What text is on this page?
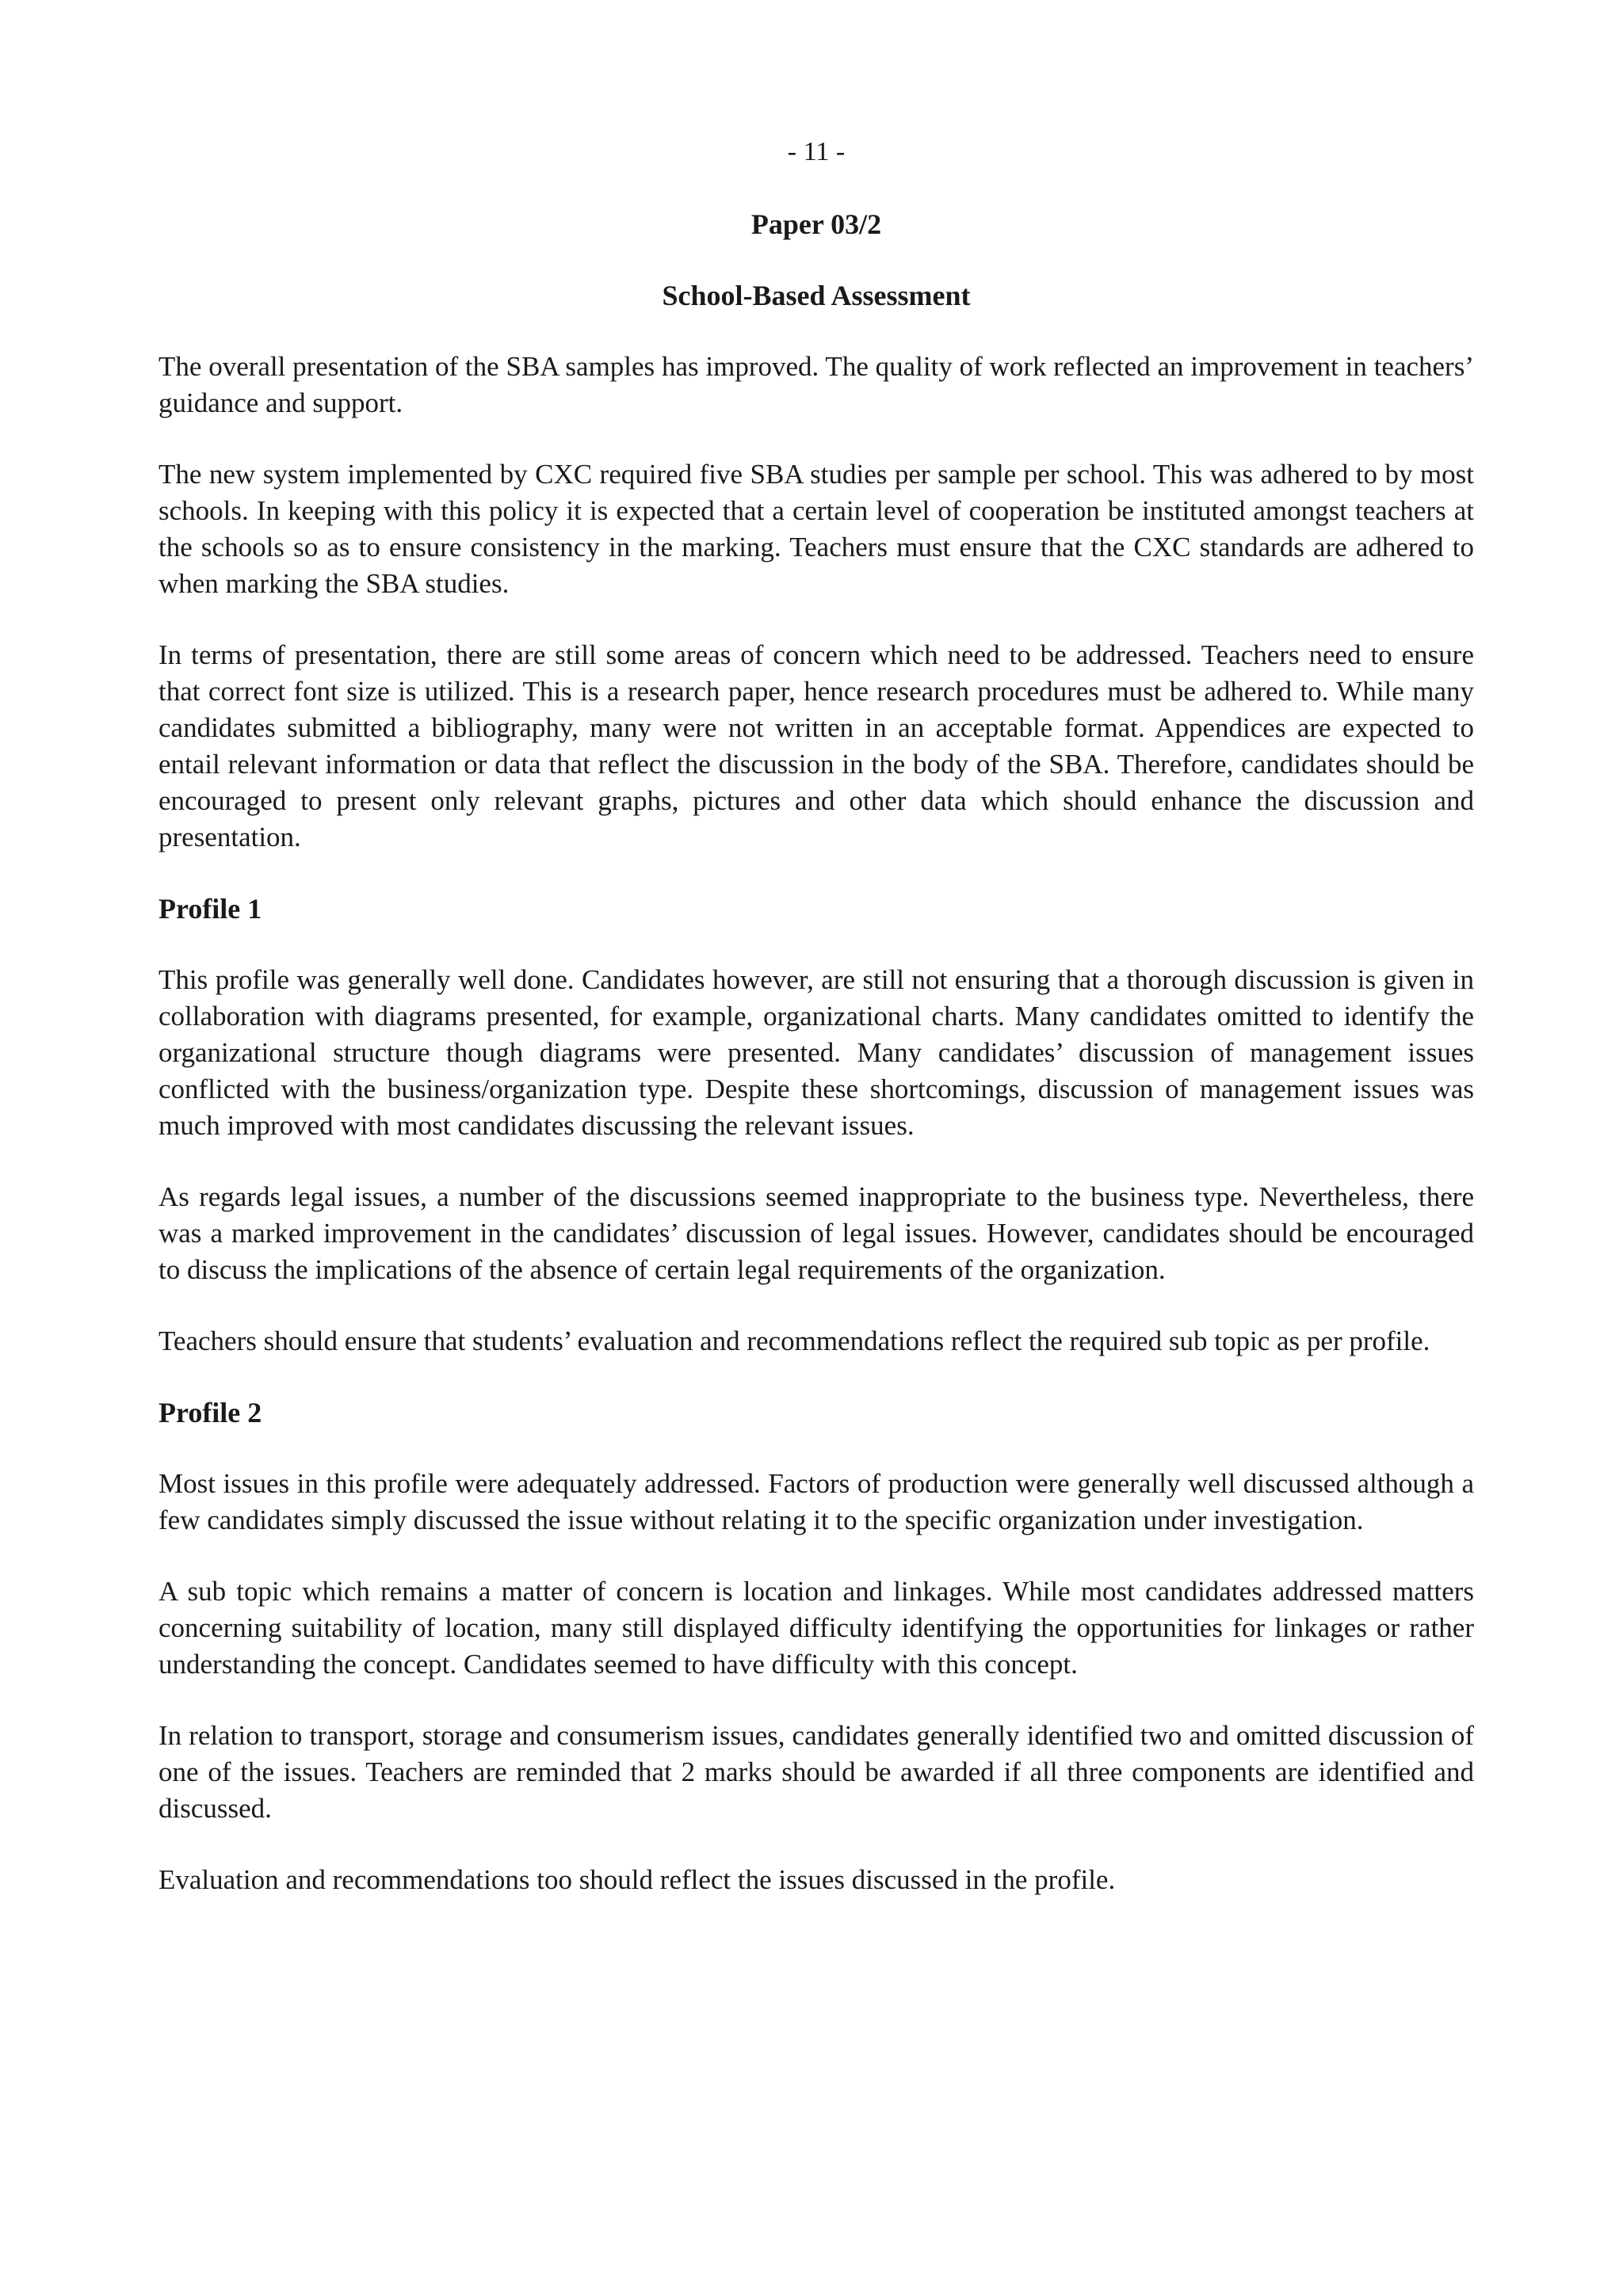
- 11 -

Paper 03/2

School-Based Assessment

The overall presentation of the SBA samples has improved. The quality of work reflected an improvement in teachers’ guidance and support.

The new system implemented by CXC required five SBA studies per sample per school. This was adhered to by most schools. In keeping with this policy it is expected that a certain level of cooperation be instituted amongst teachers at the schools so as to ensure consistency in the marking. Teachers must ensure that the CXC standards are adhered to when marking the SBA studies.

In terms of presentation, there are still some areas of concern which need to be addressed. Teachers need to ensure that correct font size is utilized. This is a research paper, hence research procedures must be adhered to. While many candidates submitted a bibliography, many were not written in an acceptable format. Appendices are expected to entail relevant information or data that reflect the discussion in the body of the SBA. Therefore, candidates should be encouraged to present only relevant graphs, pictures and other data which should enhance the discussion and presentation.

Profile 1

This profile was generally well done. Candidates however, are still not ensuring that a thorough discussion is given in collaboration with diagrams presented, for example, organizational charts. Many candidates omitted to identify the organizational structure though diagrams were presented. Many candidates’ discussion of management issues conflicted with the business/organization type. Despite these shortcomings, discussion of management issues was much improved with most candidates discussing the relevant issues.

As regards legal issues, a number of the discussions seemed inappropriate to the business type. Nevertheless, there was a marked improvement in the candidates’ discussion of legal issues. However, candidates should be encouraged to discuss the implications of the absence of certain legal requirements of the organization.

Teachers should ensure that students’ evaluation and recommendations reflect the required sub topic as per profile.

Profile 2

Most issues in this profile were adequately addressed. Factors of production were generally well discussed although a few candidates simply discussed the issue without relating it to the specific organization under investigation.

A sub topic which remains a matter of concern is location and linkages. While most candidates addressed matters concerning suitability of location, many still displayed difficulty identifying the opportunities for linkages or rather understanding the concept. Candidates seemed to have difficulty with this concept.

In relation to transport, storage and consumerism issues, candidates generally identified two and omitted discussion of one of the issues. Teachers are reminded that 2 marks should be awarded if all three components are identified and discussed.

Evaluation and recommendations too should reflect the issues discussed in the profile.
